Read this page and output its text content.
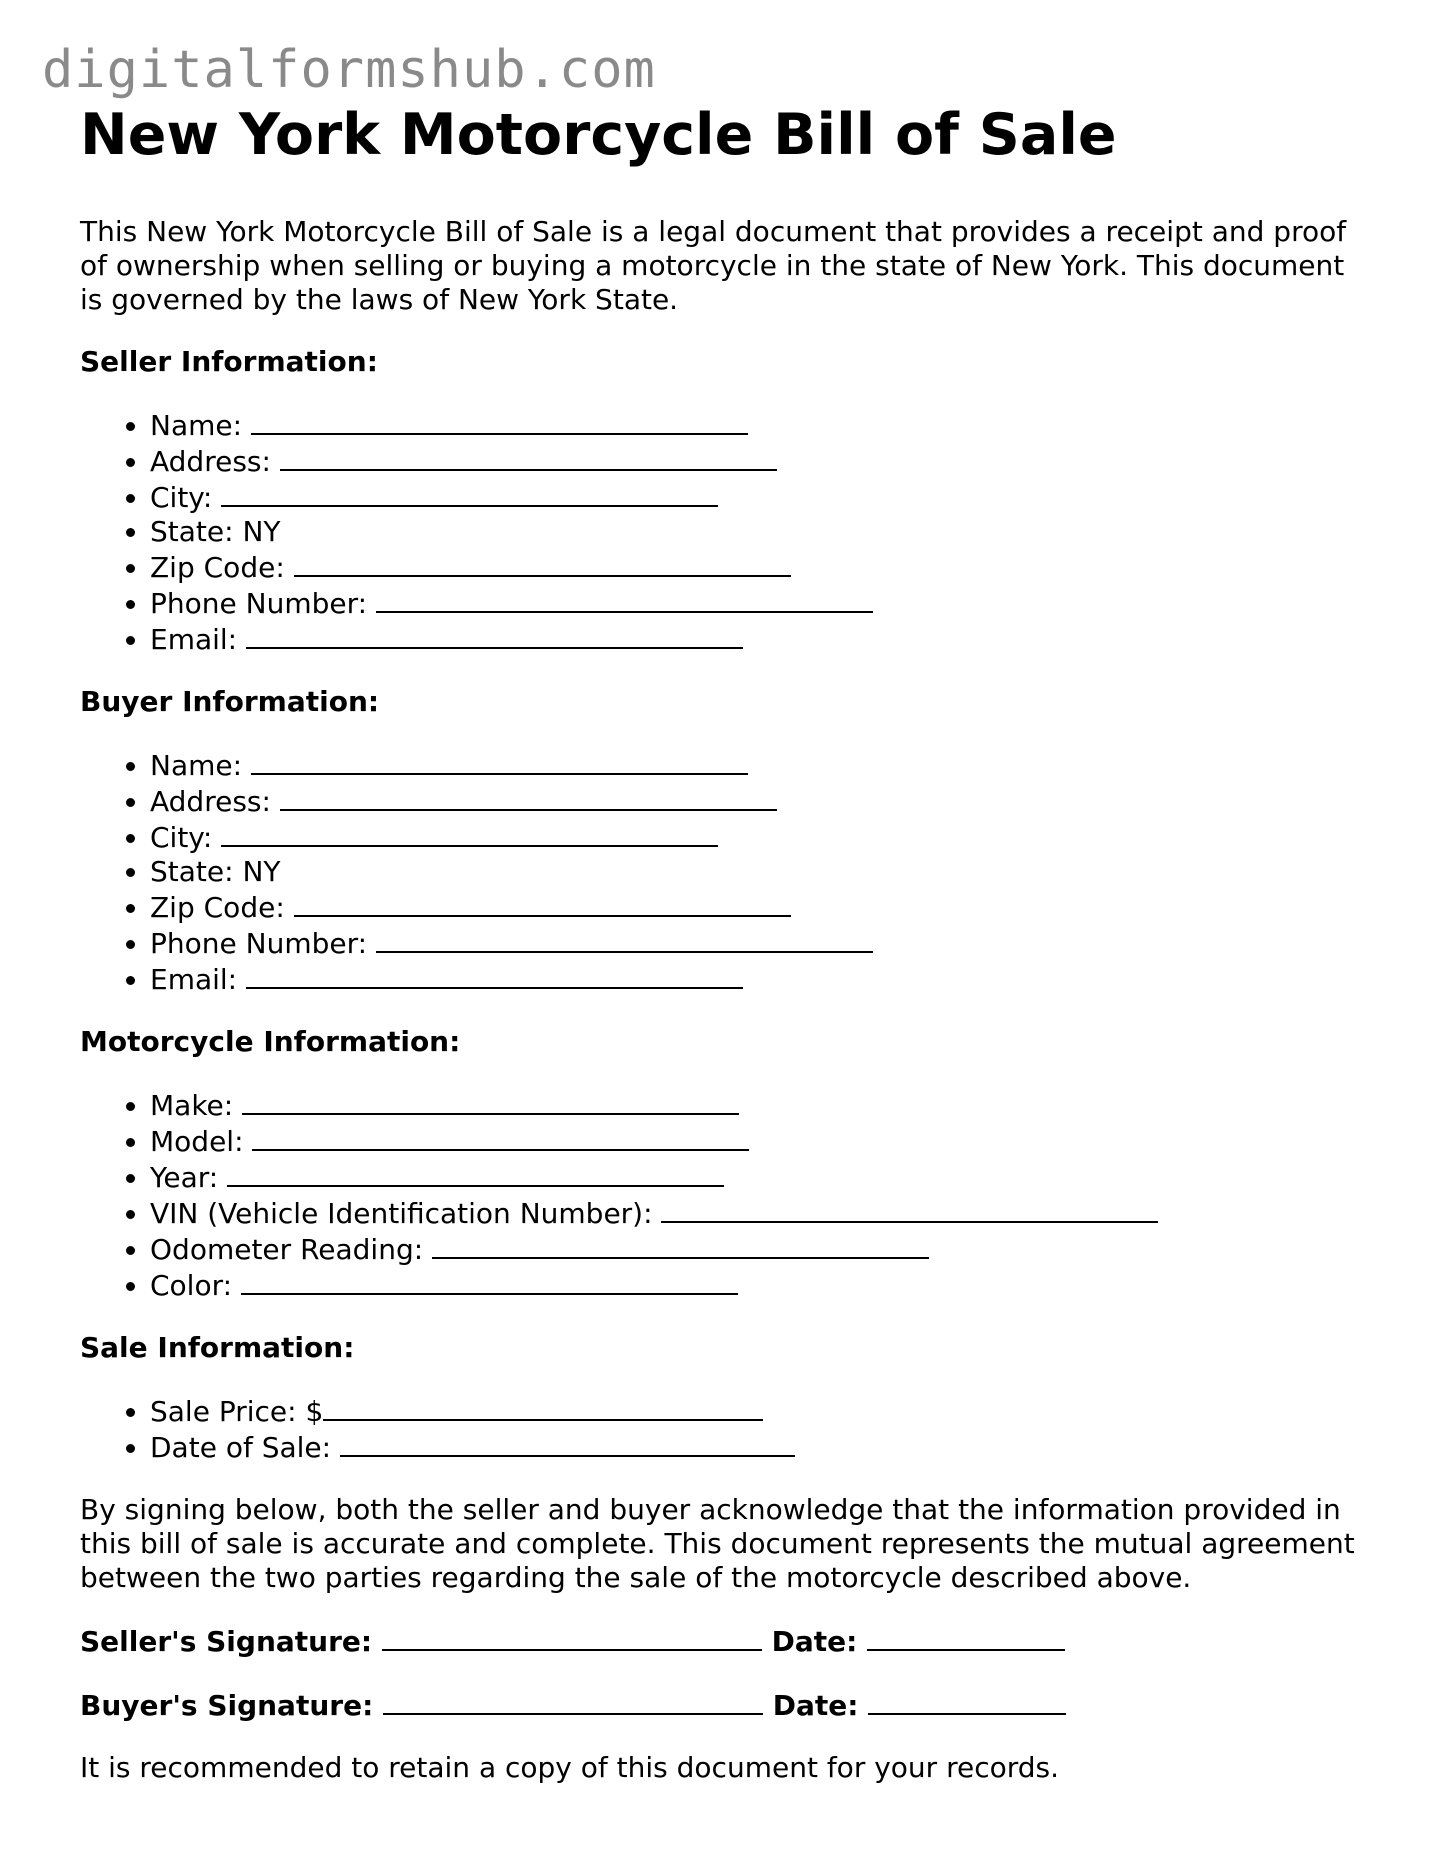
digitalformshub.com
New York Motorcycle Bill of Sale

This New York Motorcycle Bill of Sale is a legal document that provides a receipt and proof of ownership when selling or buying a motorcycle in the state of New York. This document is governed by the laws of New York State.

Seller Information:
• Name:
• Address:
• City:
• State: NY
• Zip Code:
• Phone Number:
• Email:
Buyer Information:
• Name:
• Address:
• City:
• State: NY
• Zip Code:
• Phone Number:
• Email:
Motorcycle Information:
• Make:
• Model:
• Year:
• VIN (Vehicle Identification Number):
• Odometer Reading:
• Color:
Sale Information:
• Sale Price: $
• Date of Sale:

By signing below, both the seller and buyer acknowledge that the information provided in this bill of sale is accurate and complete. This document represents the mutual agreement between the two parties regarding the sale of the motorcycle described above.

Seller's Signature:	Date:
Buyer's Signature:	Date:

It is recommended to retain a copy of this document for your records.
